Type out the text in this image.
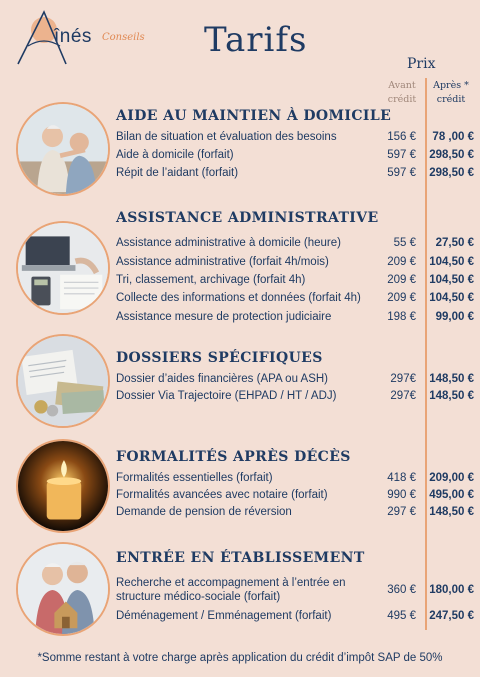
înés Conseils Tarifs
Prix
Avant
crédit
Après *
crédit
AIDE AU MAINTIEN À DOMICILE
Bilan de situation et évaluation des besoins	156 €	78 ,00 €
Aide à domicile (forfait)	597 € 298,50 €
Répit de l’aidant (forfait)	597 € 298,50 €
ASSISTANCE ADMINISTRATIVE
Assistance administrative à domicile (heure)	55 €	27,50 €
Assistance administrative (forfait 4h/mois)	209 € 104,50 €
Tri, classement, archivage (forfait 4h)	209 € 104,50 €
Collecte des informations et données (forfait 4h)	209 € 104,50 €
Assistance mesure de protection judiciaire	198 €	99,00 €
DOSSIERS SPÉCIFIQUES
Dossier d’aides financières (APA ou ASH)	297€ 148,50 €
Dossier Via Trajectoire (EHPAD / HT / ADJ)	297€ 148,50 €
FORMALITÉS APRÈS DÉCÈS
Formalités essentielles (forfait)	418 € 209,00 €
Formalités avancées avec notaire (forfait)	990 € 495,00 €
Demande de pension de réversion	297 € 148,50 €
ENTRÉE EN ÉTABLISSEMENT
Recherche et accompagnement à l’entrée en structure médico-sociale (forfait)
360 € 180,00 €
Déménagement / Emménagement (forfait)	495 € 247,50 €
*Somme restant à votre charge après application du crédit d’impôt SAP de 50%
